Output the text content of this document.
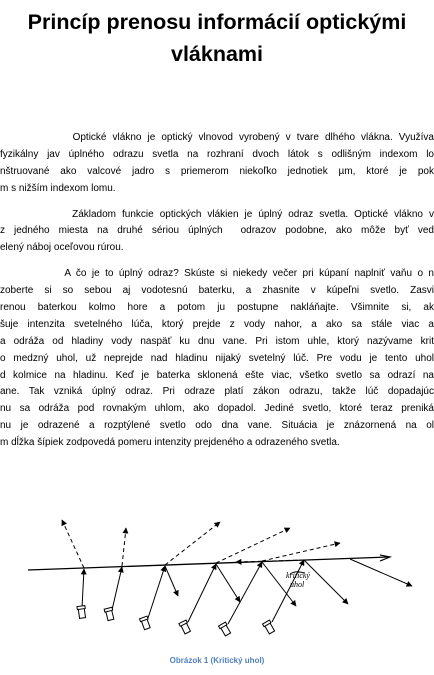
Princíp prenosu informácií optickými
vláknami
Optické vlákno je optický vlnovod vyrobený v tvare dlhého vlákna. Využíva
fyzikálny jav úplného odrazu svetla na rozhraní dvoch látok s odlišným indexom lo
nštruované ako valcové jadro s priemerom niekoľko jednotiek µm, ktoré je pok
m s nižším indexom lomu.
Základom funkcie optických vlákien je úplný odraz svetla. Optické vlákno v
z jedného miesta na druhé sériou úplných  odrazov podobne, ako môže byť ved
elený náboj oceľovou rúrou.
A čo je to úplný odraz? Skúste si niekedy večer pri kúpaní naplniť vaňu o n
zoberte si so sebou aj vodotesnú baterku, a zhasnite v kúpeľni svetlo. Zasvi
renou baterkou kolmo hore a potom ju postupne nakláňajte. Všimnite si, ak
šuje intenzita svetelného lúča, ktorý prejde z vody nahor, a ako sa stále viac a
a odráža od hladiny vody naspäť ku dnu vane. Pri istom uhle, ktorý nazývame krit
o medzný uhol, už neprejde nad hladinu nijaký svetelný lúč. Pre vodu je tento uhol
d kolmice na hladinu. Keď je baterka sklonená ešte viac, všetko svetlo sa odrazí na
ane. Tak vzniká úplný odraz. Pri odraze platí zákon odrazu, takže lúč dopadajúc
nu sa odráža pod rovnakým uhlom, ako dopadol. Jediné svetlo, ktoré teraz preniká
nu je odrazené a rozptýlené svetlo odo dna vane. Situácia je znázornená na ol
m dĺžka šípiek zodpovedá pomeru intenzity prejdeného a odrazeného svetla.
kritický
uhol
Obrázok 1 (Kritický uhol)
